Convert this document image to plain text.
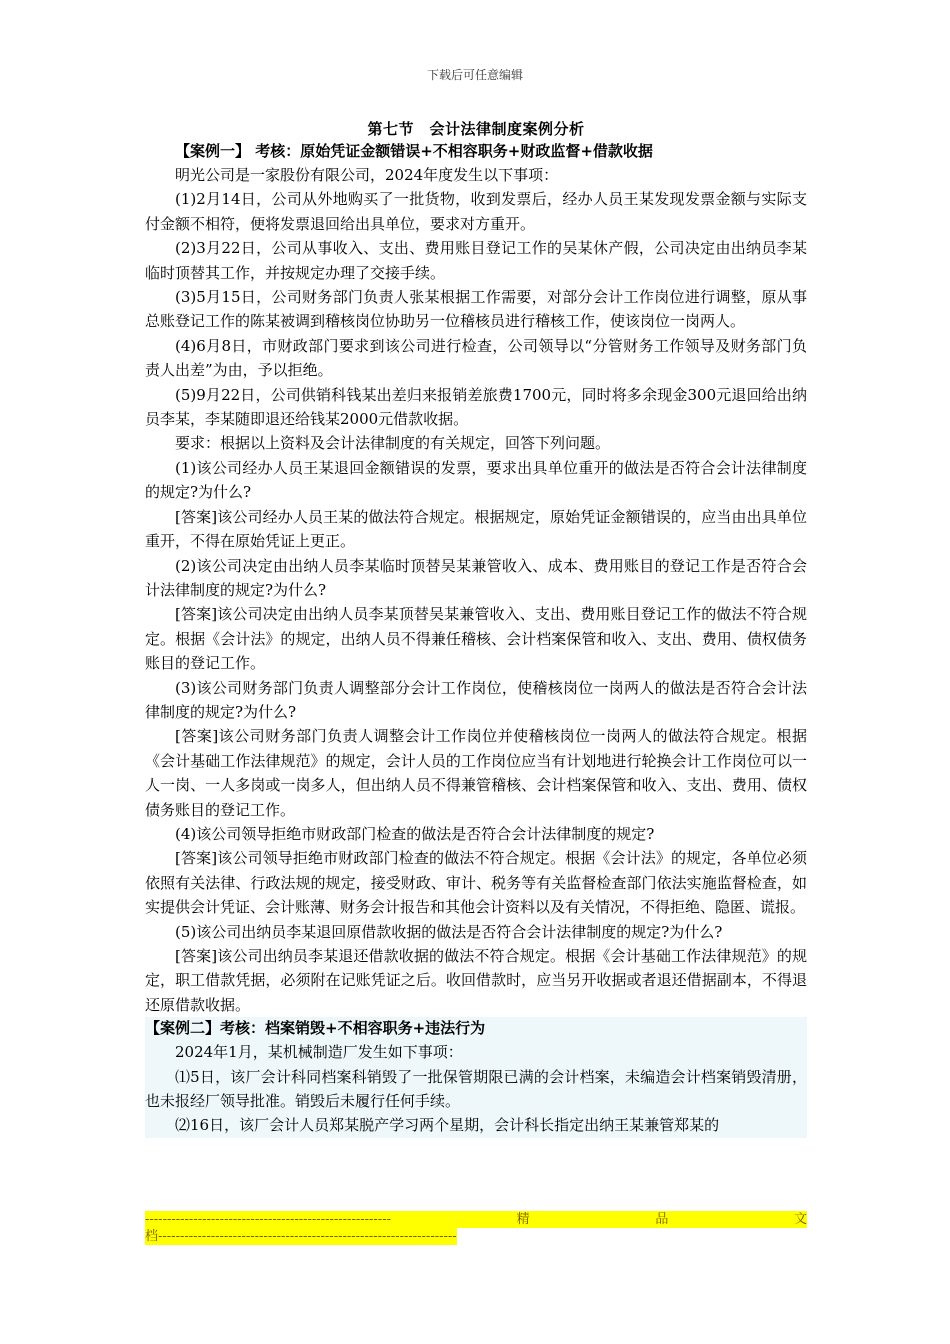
下载后可任意编辑
第七节　会计法律制度案例分析
【案例一】 考核：原始凭证金额错误+不相容职务+财政监督+借款收据

明光公司是一家股份有限公司，2024年度发生以下事项：

(1)2月14日，公司从外地购买了一批货物，收到发票后，经办人员王某发现发票金额与实际支付金额不相符，便将发票退回给出具单位，要求对方重开。

(2)3月22日，公司从事收入、支出、费用账目登记工作的吴某休产假，公司决定由出纳员李某临时顶替其工作，并按规定办理了交接手续。

(3)5月15日，公司财务部门负责人张某根据工作需要，对部分会计工作岗位进行调整，原从事总账登记工作的陈某被调到稽核岗位协助另一位稽核员进行稽核工作，使该岗位一岗两人。

(4)6月8日，市财政部门要求到该公司进行检查，公司领导以“分管财务工作领导及财务部门负责人出差”为由，予以拒绝。

(5)9月22日，公司供销科钱某出差归来报销差旅费1700元，同时将多余现金300元退回给出纳员李某，李某随即退还给钱某2000元借款收据。

要求：根据以上资料及会计法律制度的有关规定，回答下列问题。

(1)该公司经办人员王某退回金额错误的发票，要求出具单位重开的做法是否符合会计法律制度的规定?为什么?

[答案]该公司经办人员王某的做法符合规定。根据规定，原始凭证金额错误的，应当由出具单位重开，不得在原始凭证上更正。

(2)该公司决定由出纳人员李某临时顶替吴某兼管收入、成本、费用账目的登记工作是否符合会计法律制度的规定?为什么?

[答案]该公司决定由出纳人员李某顶替吴某兼管收入、支出、费用账目登记工作的做法不符合规定。根据《会计法》的规定，出纳人员不得兼任稽核、会计档案保管和收入、支出、费用、债权债务账目的登记工作。

(3)该公司财务部门负责人调整部分会计工作岗位，使稽核岗位一岗两人的做法是否符合会计法律制度的规定?为什么?

[答案]该公司财务部门负责人调整会计工作岗位并使稽核岗位一岗两人的做法符合规定。根据《会计基础工作法律规范》的规定，会计人员的工作岗位应当有计划地进行轮换会计工作岗位可以一人一岗、一人多岗或一岗多人，但出纳人员不得兼管稽核、会计档案保管和收入、支出、费用、债权债务账目的登记工作。

(4)该公司领导拒绝市财政部门检查的做法是否符合会计法律制度的规定?

[答案]该公司领导拒绝市财政部门检查的做法不符合规定。根据《会计法》的规定，各单位必须依照有关法律、行政法规的规定，接受财政、审计、税务等有关监督检查部门依法实施监督检查，如实提供会计凭证、会计账薄、财务会计报告和其他会计资料以及有关情况，不得拒绝、隐匿、谎报。

(5)该公司出纳员李某退回原借款收据的做法是否符合会计法律制度的规定?为什么?

[答案]该公司出纳员李某退还借款收据的做法不符合规定。根据《会计基础工作法律规范》的规定，职工借款凭据，必须附在记账凭证之后。收回借款时，应当另开收据或者退还借据副本，不得退还原借款收据。

【案例二】考核：档案销毁+不相容职务+违法行为

2024年1月，某机械制造厂发生如下事项：

⑴5日，该厂会计科同档案科销毁了一批保管期限已满的会计档案，未编造会计档案销毁清册，也未报经厂领导批准。销毁后未履行任何手续。

⑵16日，该厂会计人员郑某脱产学习两个星期，会计科长指定出纳王某兼管郑某的

--------------------------------------------------------	精	品	文
档--------------------------------------------------------------------
